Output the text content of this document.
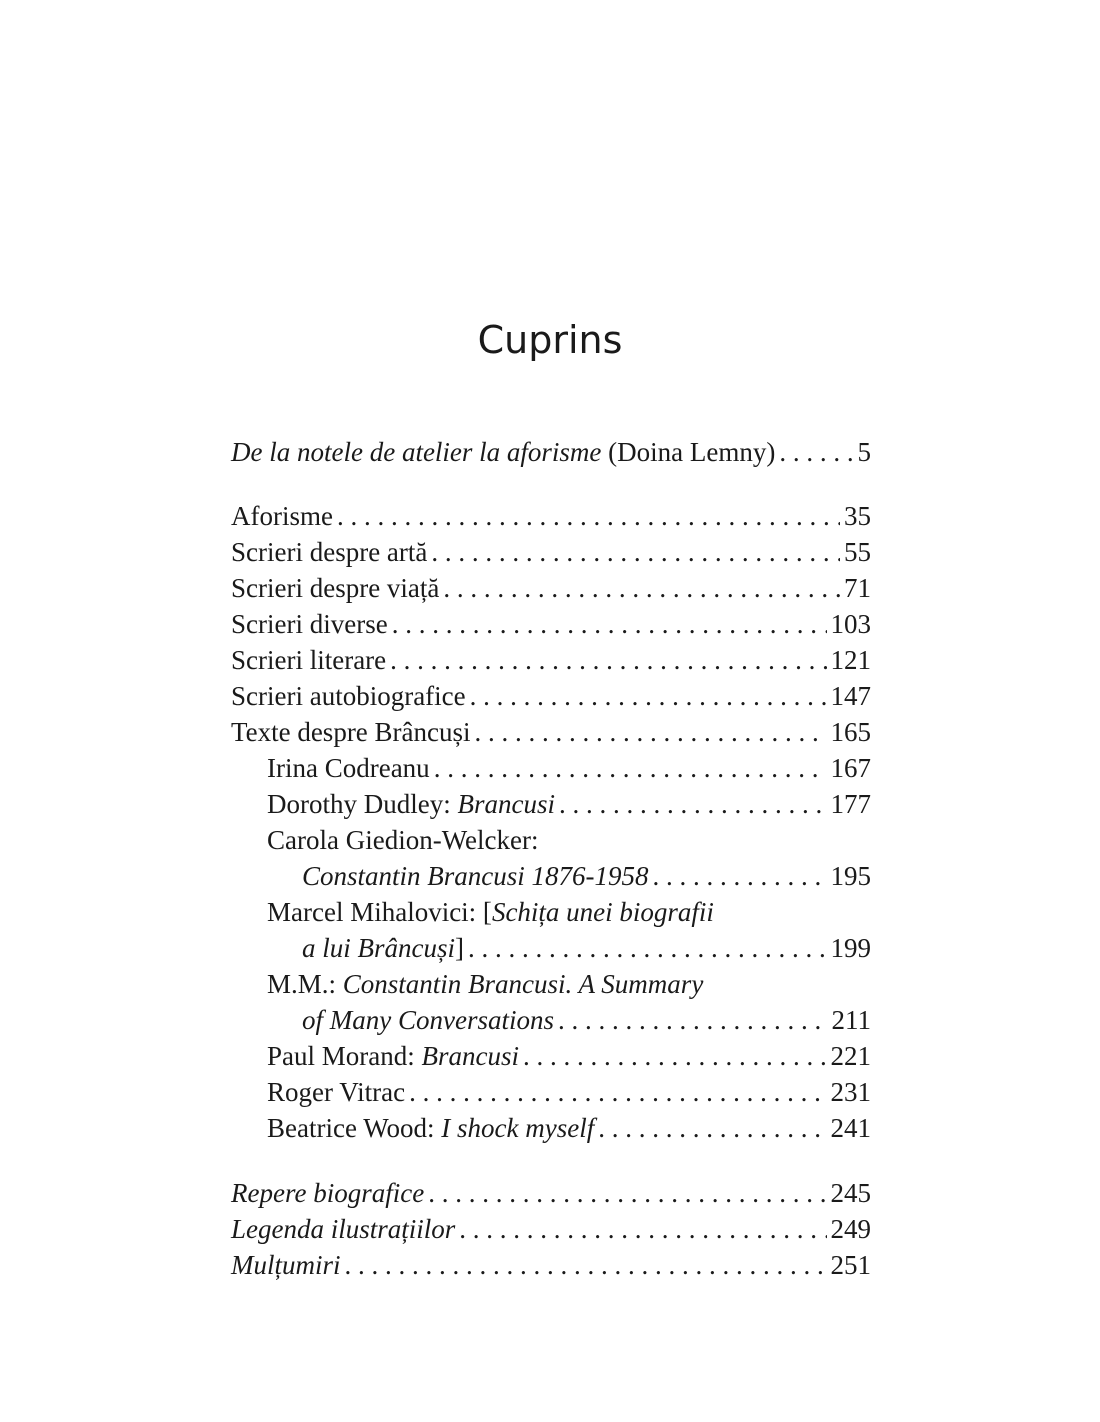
Cuprins
De la notele de atelier la aforisme (Doina Lemny) . . .	5
Aforisme . . .	35
Scrieri despre artă . . .	55
Scrieri despre viață . . .	71
Scrieri diverse . . .	103
Scrieri literare . . .	121
Scrieri autobiografice . . .	147
Texte despre Brâncuși . . .	165
Irina Codreanu . . .	167
Dorothy Dudley: Brancusi . . .	177
Carola Giedion-Welcker:
Constantin Brancusi 1876-1958 . . .	195
Marcel Mihalovici: [Schița unei biografii
a lui Brâncuși] . . .	199
M.M.: Constantin Brancusi. A Summary
of Many Conversations . . .	211
Paul Morand: Brancusi . . .	221
Roger Vitrac . . .	231
Beatrice Wood: I shock myself . . .	241
Repere biografice . . .	245
Legenda ilustrațiilor . . .	249
Mulțumiri . . .	251
